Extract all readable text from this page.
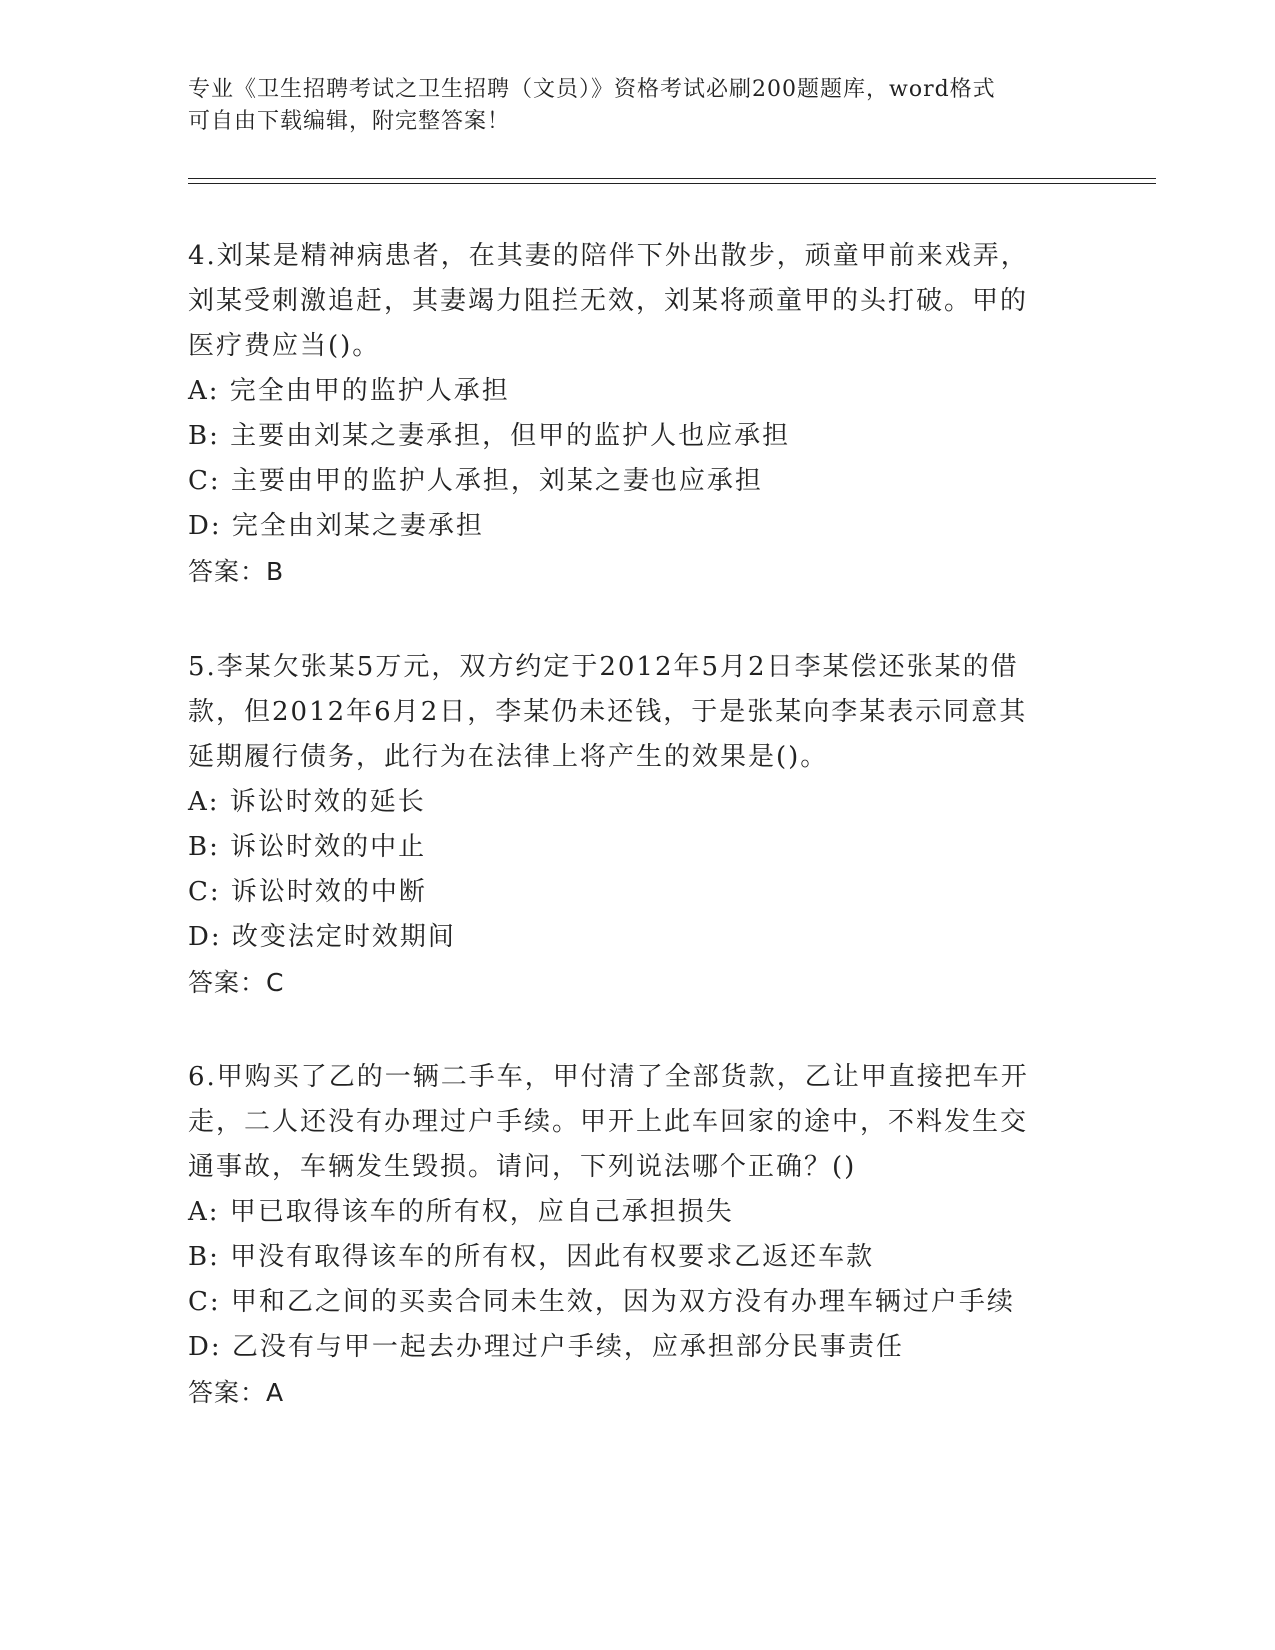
专业《卫生招聘考试之卫生招聘（文员）》资格考试必刷200题题库，word格式
可自由下载编辑，附完整答案！
4.刘某是精神病患者，在其妻的陪伴下外出散步，顽童甲前来戏弄，
刘某受刺激追赶，其妻竭力阻拦无效，刘某将顽童甲的头打破。甲的
医疗费应当()。
A: 完全由甲的监护人承担
B: 主要由刘某之妻承担，但甲的监护人也应承担
C: 主要由甲的监护人承担，刘某之妻也应承担
D: 完全由刘某之妻承担
答案：B
5.李某欠张某5万元，双方约定于2012年5月2日李某偿还张某的借
款，但2012年6月2日，李某仍未还钱，于是张某向李某表示同意其
延期履行债务，此行为在法律上将产生的效果是()。
A: 诉讼时效的延长
B: 诉讼时效的中止
C: 诉讼时效的中断
D: 改变法定时效期间
答案：C
6.甲购买了乙的一辆二手车，甲付清了全部货款，乙让甲直接把车开
走，二人还没有办理过户手续。甲开上此车回家的途中，不料发生交
通事故，车辆发生毁损。请问，下列说法哪个正确？()
A: 甲已取得该车的所有权，应自己承担损失
B: 甲没有取得该车的所有权，因此有权要求乙返还车款
C: 甲和乙之间的买卖合同未生效，因为双方没有办理车辆过户手续
D: 乙没有与甲一起去办理过户手续，应承担部分民事责任
答案：A
